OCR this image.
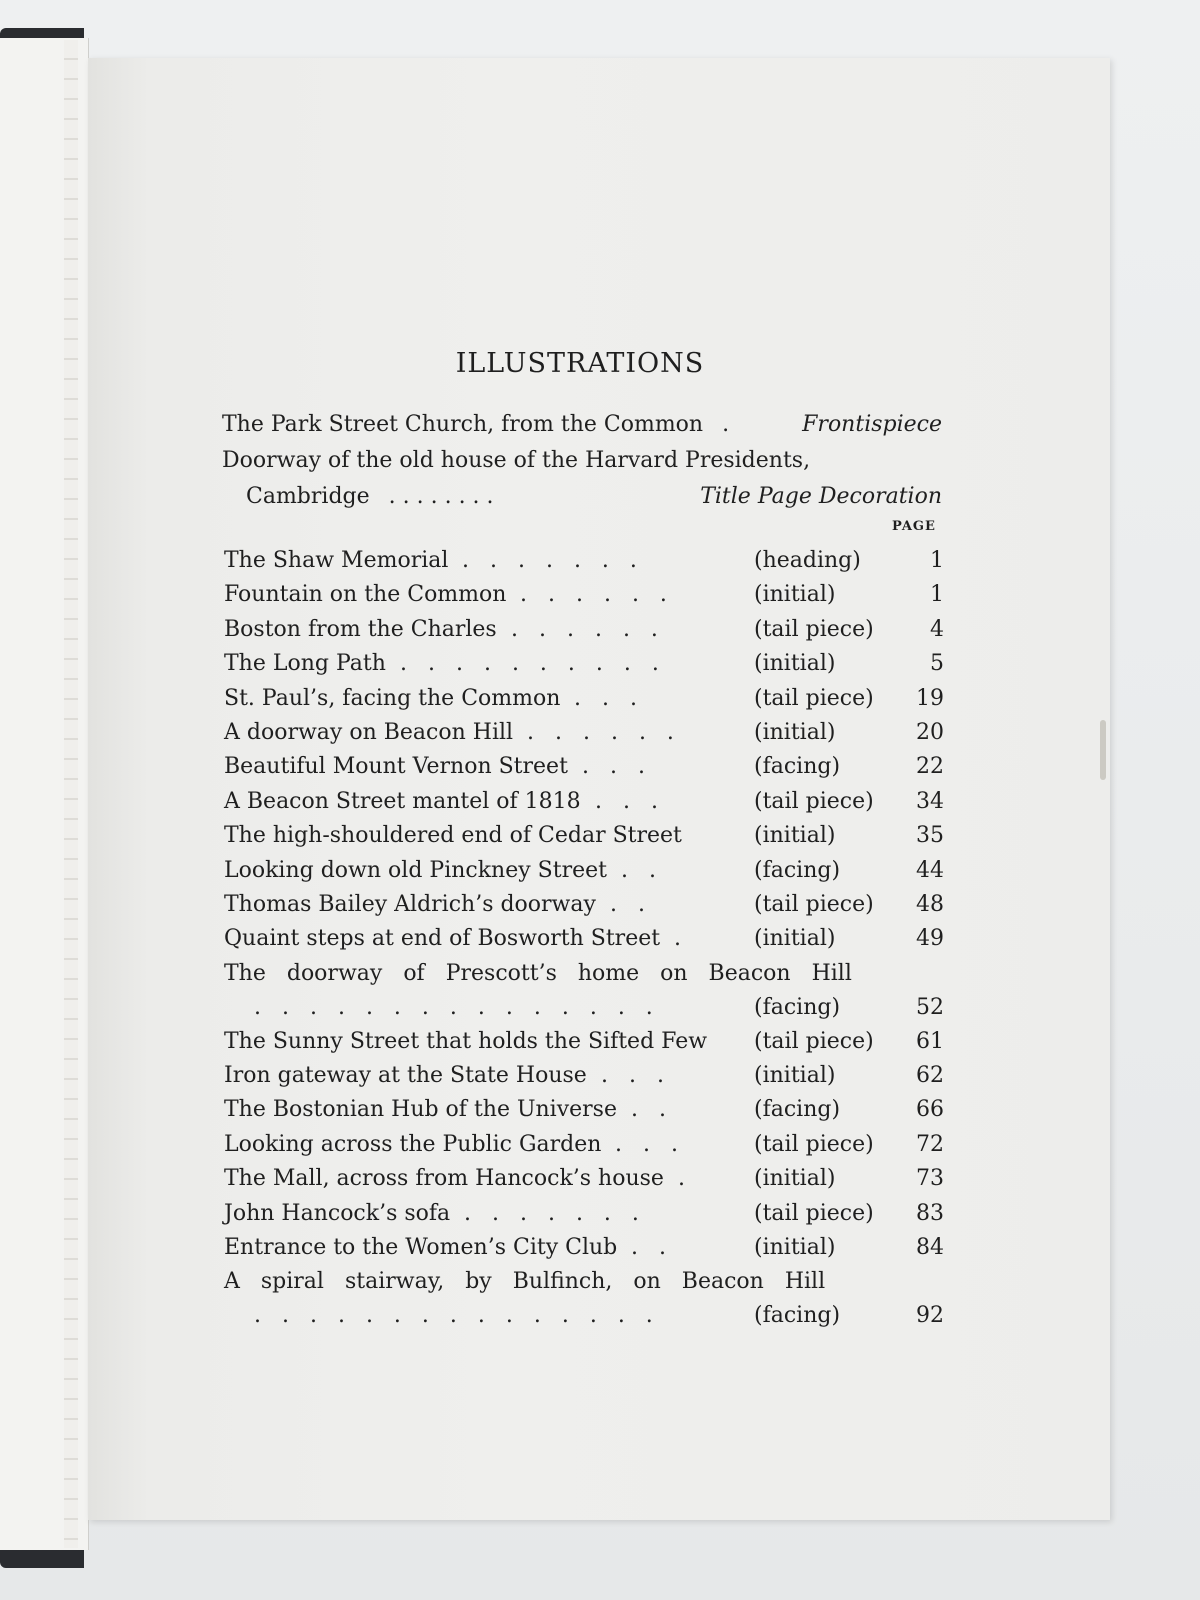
ILLUSTRATIONS
The Park Street Church, from the Common .	Frontispiece
Doorway of the old house of the Harvard Presidents,
Cambridge . . . . . . . .	Title Page Decoration
PAGE
The Shaw Memorial . . . . . . .	(heading)	1
Fountain on the Common . . . . . .	(initial)	1
Boston from the Charles . . . . . .	(tail piece)	4
The Long Path . . . . . . . . . .	(initial)	5
St. Paul’s, facing the Common . . .	(tail piece)	19
A doorway on Beacon Hill . . . . . .	(initial)	20
Beautiful Mount Vernon Street . . .	(facing)	22
A Beacon Street mantel of 1818 . . .	(tail piece)	34
The high-shouldered end of Cedar Street	(initial)	35
Looking down old Pinckney Street . .	(facing)	44
Thomas Bailey Aldrich’s doorway . .	(tail piece)	48
Quaint steps at end of Bosworth Street .	(initial)	49
The doorway of Prescott’s home on Beacon Hill
. . . . . . . . . . . . . . .	(facing)	52
The Sunny Street that holds the Sifted Few (tail piece)	61
Iron gateway at the State House . . .	(initial)	62
The Bostonian Hub of the Universe . .	(facing)	66
Looking across the Public Garden . . .	(tail piece)	72
The Mall, across from Hancock’s house .	(initial)	73
John Hancock’s sofa . . . . . . .	(tail piece)	83
Entrance to the Women’s City Club . .	(initial)	84
A spiral stairway, by Bulfinch, on Beacon Hill
. . . . . . . . . . . . . . .	(facing)	92
